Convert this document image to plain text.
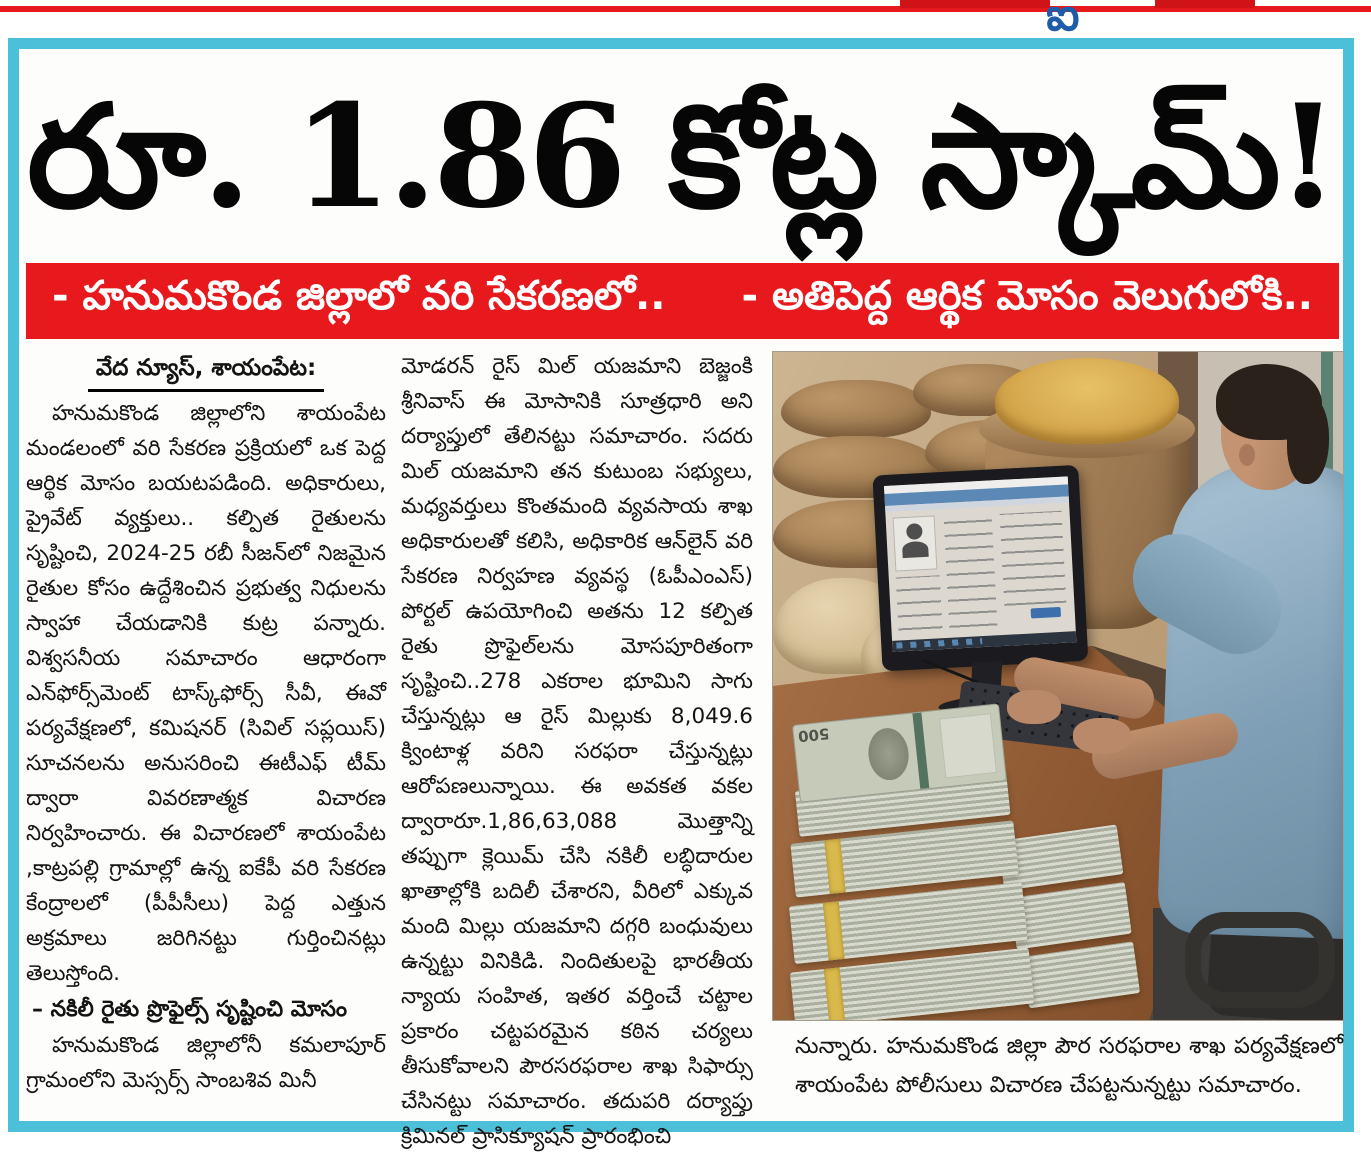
ఐ
రూ. 1.86 కోట్ల స్కామ్!
- హనుమకొండ జిల్లాలో వరి సేకరణలో.. - అతిపెద్ద ఆర్థిక మోసం వెలుగులోకి..
వేద న్యూస్, శాయంపేట:

హనుమకొండ జిల్లాలోని శాయంపేట మండలంలో వరి సేకరణ ప్రక్రియలో ఒక పెద్ద ఆర్థిక మోసం బయటపడింది. అధికారులు, ప్రైవేట్ వ్యక్తులు.. కల్పిత రైతులను సృష్టించి, 2024-25 రబీ సీజన్‌లో నిజమైన రైతుల కోసం ఉద్దేశించిన ప్రభుత్వ నిధులను స్వాహా చేయడానికి కుట్ర పన్నారు. విశ్వసనీయ సమాచారం ఆధారంగా ఎన్‌ఫోర్స్‌మెంట్ టాస్క్‌ఫోర్స్ సీవీ, ఈవో పర్యవేక్షణలో, కమిషనర్ (సివిల్ సప్లయిస్) సూచనలను అనుసరించి ఈటీఎఫ్ టీమ్ ద్వారా వివరణాత్మక విచారణ నిర్వహించారు. ఈ విచారణలో శాయంపేట ,కాట్రపల్లి గ్రామాల్లో ఉన్న ఐకేపీ వరి సేకరణ కేంద్రాలలో (పీపీసీలు) పెద్ద ఎత్తున అక్రమాలు జరిగినట్టు గుర్తించినట్లు తెలుస్తోంది.

– నకిలీ రైతు ప్రొఫైల్స్ సృష్టించి మోసం

హనుమకొండ జిల్లాలోనీ కమలాపూర్ గ్రామంలోని మెస్సర్స్ సాంబశివ మినీ

మోడరన్ రైస్ మిల్ యజమాని బెజ్జంకి శ్రీనివాస్ ఈ మోసానికి సూత్రధారి అని దర్యాప్తులో తేలినట్టు సమాచారం. సదరు మిల్ యజమాని తన కుటుంబ సభ్యులు, మధ్యవర్తులు కొంతమంది వ్యవసాయ శాఖ అధికారులతో కలిసి, అధికారిక ఆన్‌లైన్ వరి సేకరణ నిర్వహణ వ్యవస్థ (ఓపీఎంఎస్) పోర్టల్ ఉపయోగించి అతను 12 కల్పిత రైతు ప్రొఫైల్‌లను మోసపూరితంగా సృష్టించి..278 ఎకరాల భూమిని సాగు చేస్తున్నట్లు ఆ రైస్ మిల్లుకు 8,049.6 క్వింటాళ్ల వరిని సరఫరా చేస్తున్నట్లు ఆరోపణలున్నాయి. ఈ అవకత వకల ద్వారారూ.1,86,63,088 మొత్తాన్ని తప్పుగా క్లెయిమ్ చేసి నకిలీ లబ్ధిదారుల ఖాతాల్లోకి బదిలీ చేశారని, వీరిలో ఎక్కువ మంది మిల్లు యజమాని దగ్గరి బంధువులు ఉన్నట్టు వినికిడి. నిందితులపై భారతీయ న్యాయ సంహిత, ఇతర వర్తించే చట్టాల ప్రకారం చట్టపరమైన కఠిన చర్యలు తీసుకోవాలని పౌరసరఫరాల శాఖ సిఫార్సు చేసినట్టు సమాచారం. తదుపరి దర్యాప్తు క్రిమినల్ ప్రాసిక్యూషన్ ప్రారంభించి

500
నున్నారు. హనుమకొండ జిల్లా పౌర సరఫరాల శాఖ పర్యవేక్షణలో శాయంపేట పోలీసులు విచారణ చేపట్టనున్నట్టు సమాచారం.
